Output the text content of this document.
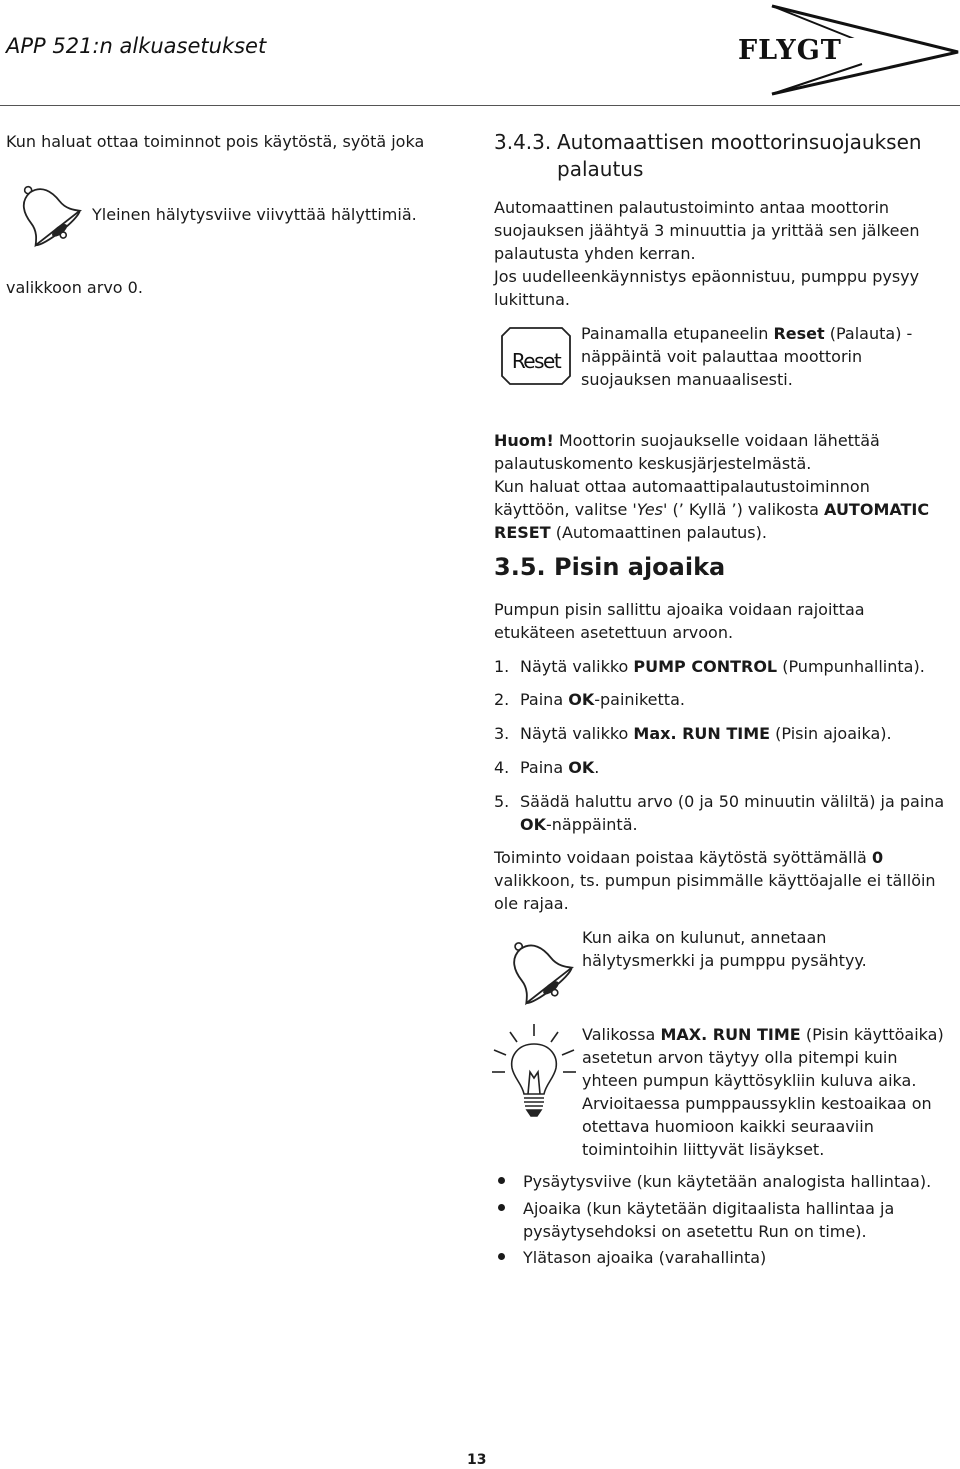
APP 521:n alkuasetukset	FLYGT
Kun haluat ottaa toiminnot pois käytöstä, syötä joka
Yleinen hälytysviive viivyttää hälyttimiä.
valikkoon arvo 0.
3.4.3. Automaattisen moottorinsuojauksen
palautus
Automaattinen palautustoiminto antaa moottorin
suojauksen jäähtyä 3 minuuttia ja yrittää sen jälkeen
palautusta yhden kerran.
Jos uudelleenkäynnistys epäonnistuu, pumppu pysyy
lukittuna.
Reset
Painamalla etupaneelin Reset (Palauta) -
näppäintä voit palauttaa moottorin
suojauksen manuaalisesti.
Huom! Moottorin suojaukselle voidaan lähettää
palautuskomento keskusjärjestelmästä.
Kun haluat ottaa automaattipalautustoiminnon
käyttöön, valitse 'Yes' (’ Kyllä ’) valikosta AUTOMATIC
RESET (Automaattinen palautus).
3.5. Pisin ajoaika
Pumpun pisin sallittu ajoaika voidaan rajoittaa
etukäteen asetettuun arvoon.
1. Näytä valikko PUMP CONTROL (Pumpunhallinta).
2. Paina OK-painiketta.
3. Näytä valikko Max. RUN TIME (Pisin ajoaika).
4. Paina OK.
5. Säädä haluttu arvo (0 ja 50 minuutin väliltä) ja paina
OK-näppäintä.
Toiminto voidaan poistaa käytöstä syöttämällä 0
valikkoon, ts. pumpun pisimmälle käyttöajalle ei tällöin
ole rajaa.
Kun aika on kulunut, annetaan
hälytysmerkki ja pumppu pysähtyy.
Valikossa MAX. RUN TIME (Pisin käyttöaika)
asetetun arvon täytyy olla pitempi kuin
yhteen pumpun käyttösykliin kuluva aika.
Arvioitaessa pumppaussyklin kestoaikaa on
otettava huomioon kaikki seuraaviin
toimintoihin liittyvät lisäykset.
Pysäytysviive (kun käytetään analogista hallintaa).
Ajoaika (kun käytetään digitaalista hallintaa ja
pysäytysehdoksi on asetettu Run on time).
Ylätason ajoaika (varahallinta)
13
